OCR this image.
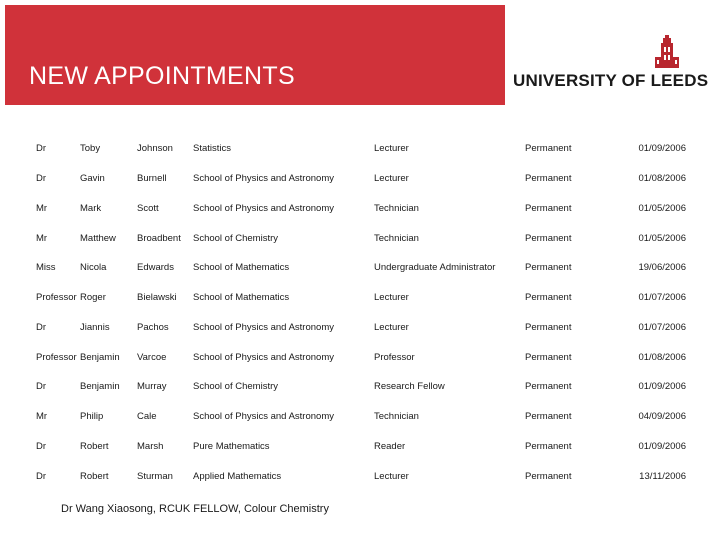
NEW APPOINTMENTS	UNIVERSITY OF LEEDS
Dr	Toby	Johnson	Statistics	Lecturer	Permanent	01/09/2006
Dr	Gavin	Burnell	School of Physics and Astronomy	Lecturer	Permanent	01/08/2006
Mr	Mark	Scott	School of Physics and Astronomy	Technician	Permanent	01/05/2006
Mr	Matthew	Broadbent	School of Chemistry	Technician	Permanent	01/05/2006
Miss	Nicola	Edwards	School of Mathematics	Undergraduate Administrator	Permanent	19/06/2006
Professor	Roger	Bielawski	School of Mathematics	Lecturer	Permanent	01/07/2006
Dr	Jiannis	Pachos	School of Physics and Astronomy	Lecturer	Permanent	01/07/2006
Professor	Benjamin	Varcoe	School of Physics and Astronomy	Professor	Permanent	01/08/2006
Dr	Benjamin	Murray	School of Chemistry	Research Fellow	Permanent	01/09/2006
Mr	Philip	Cale	School of Physics and Astronomy	Technician	Permanent	04/09/2006
Dr	Robert	Marsh	Pure Mathematics	Reader	Permanent	01/09/2006
Dr	Robert	Sturman	Applied Mathematics	Lecturer	Permanent	13/11/2006
Dr Wang Xiaosong, RCUK FELLOW, Colour Chemistry
